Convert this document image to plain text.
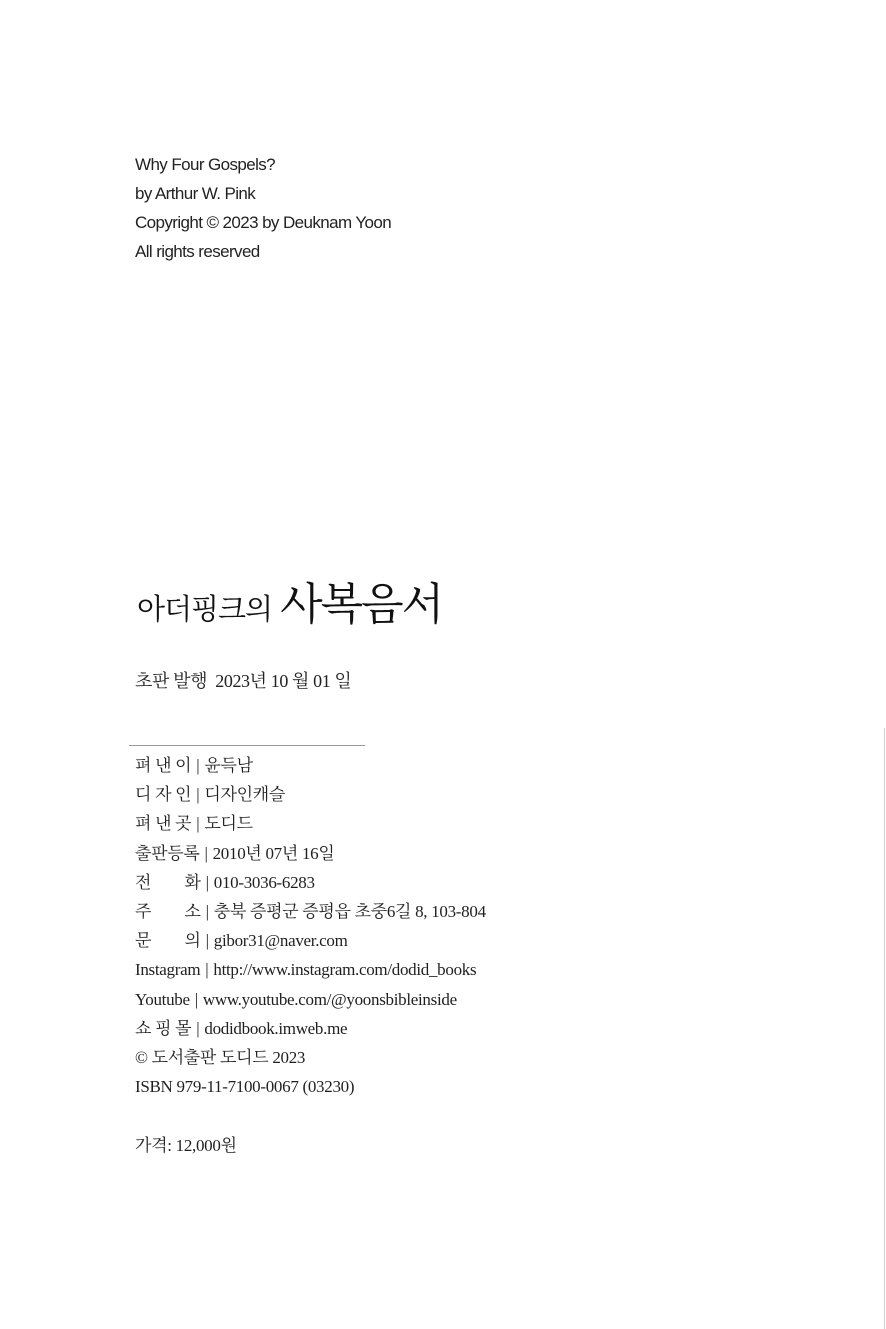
Why Four Gospels?
by Arthur W. Pink
Copyright © 2023 by Deuknam Yoon
All rights reserved
아더핑크의 사복음서
초판 발행  2023년 10 월 01 일
펴 낸 이 | 윤득남
디 자 인 | 디자인캐슬
펴 낸 곳 | 도디드
출판등록 | 2010년 07년 16일
전　　화 | 010-3036-6283
주　　소 | 충북 증평군 증평읍 초중6길 8, 103-804
문　　의 | gibor31@naver.com
Instagram | http://www.instagram.com/dodid_books
Youtube | www.youtube.com/@yoonsbibleinside
쇼 핑 몰 | dodidbook.imweb.me
© 도서출판 도디드 2023
ISBN 979-11-7100-0067 (03230)
가격: 12,000원
